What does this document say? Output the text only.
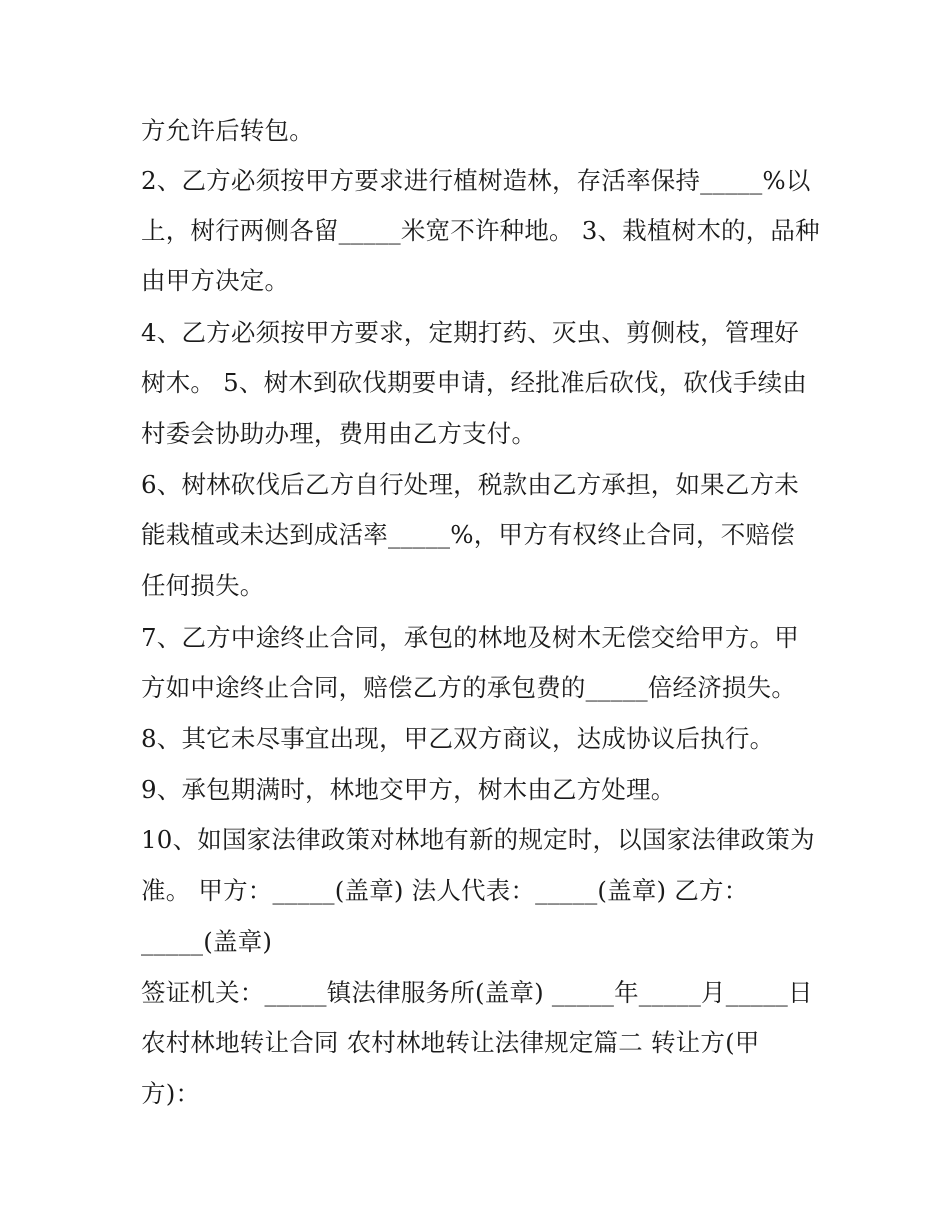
方允许后转包。
2、乙方必须按甲方要求进行植树造林，存活率保持_____%以
上，树行两侧各留_____米宽不许种地。 3、栽植树木的，品种
由甲方决定。
4、乙方必须按甲方要求，定期打药、灭虫、剪侧枝，管理好
树木。 5、树木到砍伐期要申请，经批准后砍伐，砍伐手续由
村委会协助办理，费用由乙方支付。
6、树林砍伐后乙方自行处理，税款由乙方承担，如果乙方未
能栽植或未达到成活率_____%，甲方有权终止合同，不赔偿
任何损失。
7、乙方中途终止合同，承包的林地及树木无偿交给甲方。甲
方如中途终止合同，赔偿乙方的承包费的_____倍经济损失。
8、其它未尽事宜出现，甲乙双方商议，达成协议后执行。
9、承包期满时，林地交甲方，树木由乙方处理。
10、如国家法律政策对林地有新的规定时，以国家法律政策为
准。 甲方：_____(盖章) 法人代表：_____(盖章) 乙方：
_____(盖章)
签证机关：_____镇法律服务所(盖章) _____年_____月_____日
农村林地转让合同 农村林地转让法律规定篇二 转让方(甲
方)：
